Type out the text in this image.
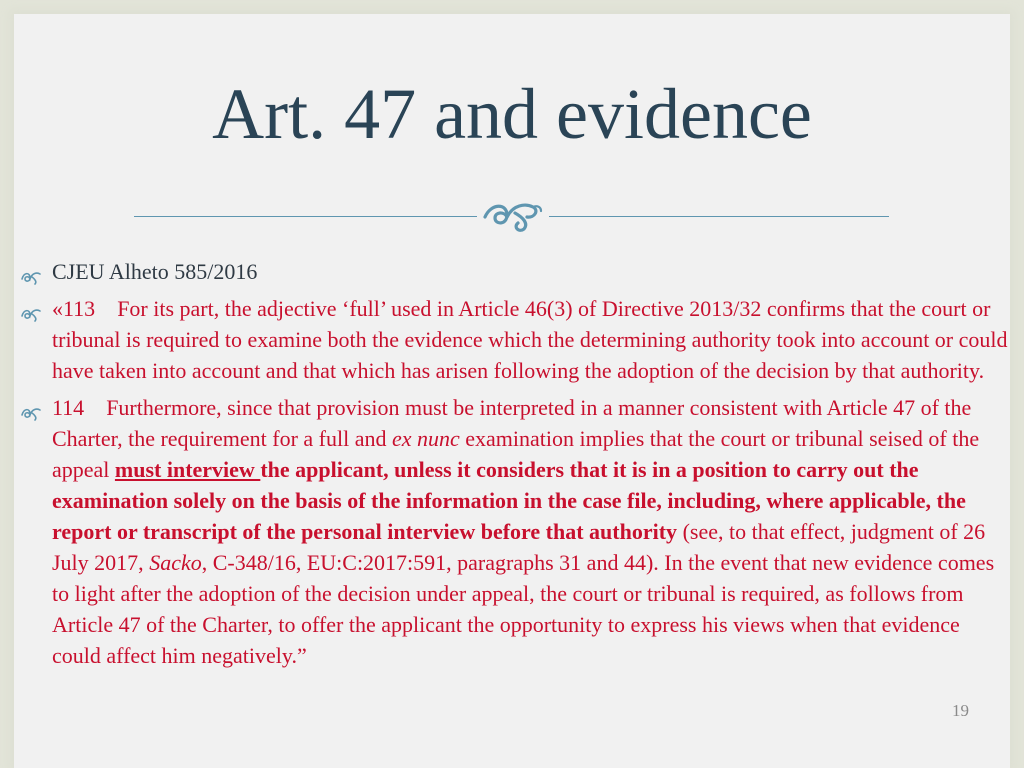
Art. 47 and evidence
CJEU Alheto 585/2016
«113 For its part, the adjective ‘full’ used in Article 46(3) of Directive 2013/32 confirms that the court or tribunal is required to examine both the evidence which the determining authority took into account or could have taken into account and that which has arisen following the adoption of the decision by that authority.
114 Furthermore, since that provision must be interpreted in a manner consistent with Article 47 of the Charter, the requirement for a full and ex nunc examination implies that the court or tribunal seised of the appeal must interview the applicant, unless it considers that it is in a position to carry out the examination solely on the basis of the information in the case file, including, where applicable, the report or transcript of the personal interview before that authority (see, to that effect, judgment of 26 July 2017, Sacko, C-348/16, EU:C:2017:591, paragraphs 31 and 44). In the event that new evidence comes to light after the adoption of the decision under appeal, the court or tribunal is required, as follows from Article 47 of the Charter, to offer the applicant the opportunity to express his views when that evidence could affect him negatively.”
19
